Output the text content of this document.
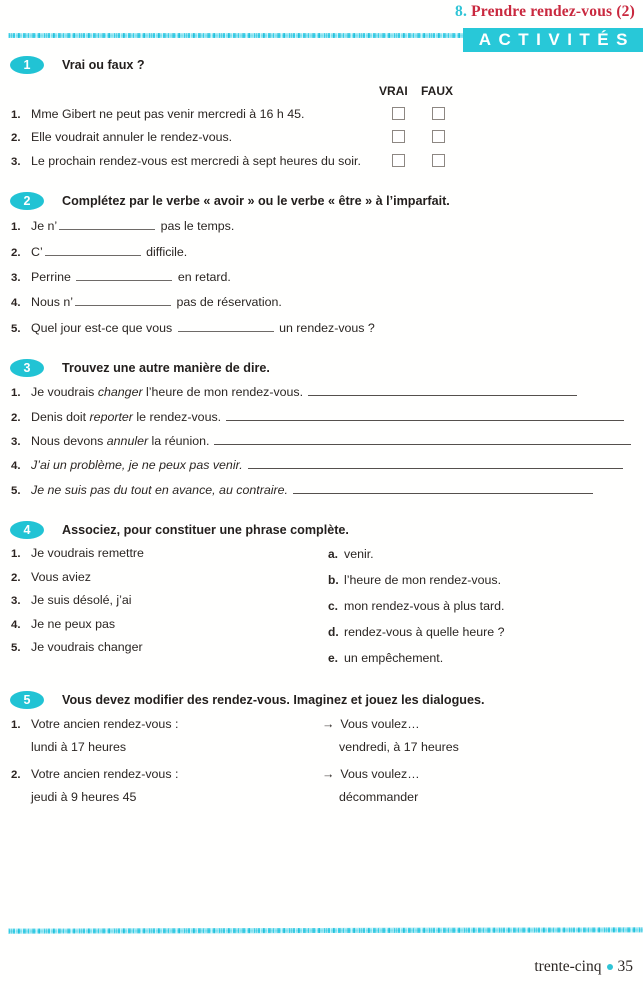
8. Prendre rendez-vous (2)
ACTIVITÉS
1	Vrai ou faux ?
VRAI FAUX
1. Mme Gibert ne peut pas venir mercredi à 16 h 45.
2. Elle voudrait annuler le rendez-vous.
3. Le prochain rendez-vous est mercredi à sept heures du soir.
2	Complétez par le verbe « avoir » ou le verbe « être » à l’imparfait.
1. Je n’	pas le temps.
2. C’	difficile.
3. Perrine	en retard.
4. Nous n’	pas de réservation.
5. Quel jour est-ce que vous	un rendez-vous ?
3	Trouvez une autre manière de dire.
1. Je voudrais changer l’heure de mon rendez-vous.
2. Denis doit reporter le rendez-vous.
3. Nous devons annuler la réunion.
4. J’ai un problème, je ne peux pas venir.
5. Je ne suis pas du tout en avance, au contraire.
4	Associez, pour constituer une phrase complète.
1. Je voudrais remettre
2. Vous aviez
3. Je suis désolé, j’ai
4. Je ne peux pas
5. Je voudrais changer
a. venir.
b. l’heure de mon rendez-vous.
c. mon rendez-vous à plus tard.
d. rendez-vous à quelle heure ?
e. un empêchement.
5	Vous devez modifier des rendez-vous. Imaginez et jouez les dialogues.
1. Votre ancien rendez-vous :
lundi à 17 heures
→ Vous voulez…
vendredi, à 17 heures
2. Votre ancien rendez-vous :
jeudi à 9 heures 45
→ Vous voulez…
décommander
trente-cinq 35
